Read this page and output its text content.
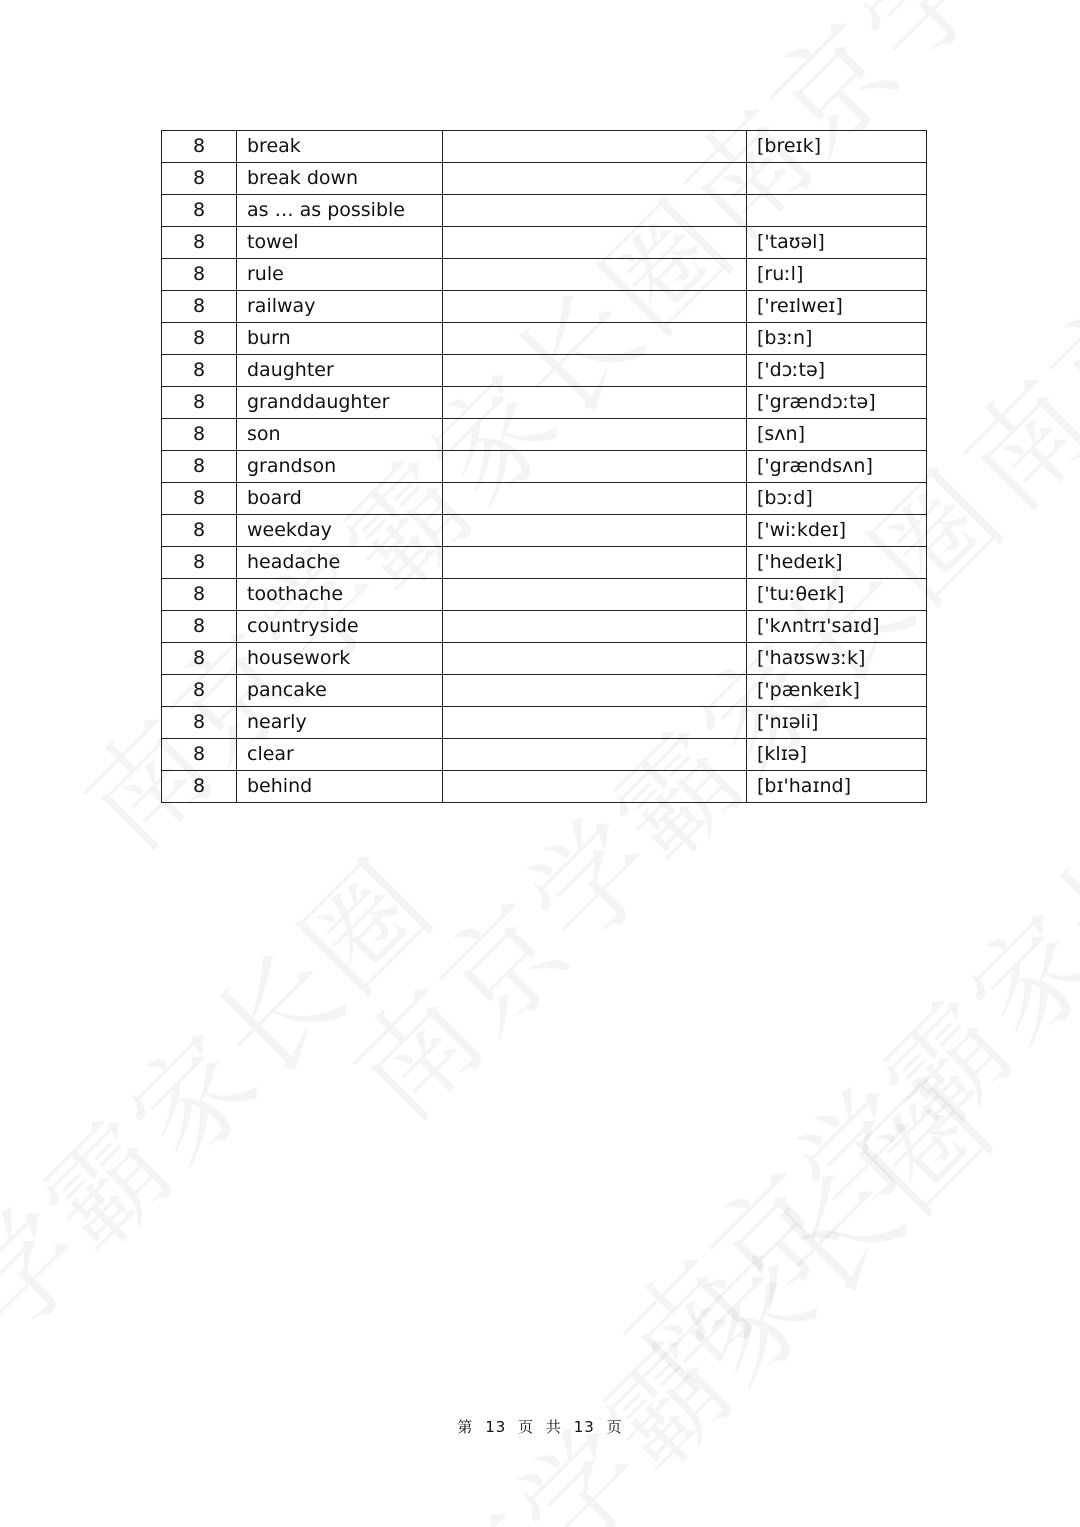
8	break		[breɪk]
8	break down		
8	as … as possible		
8	towel		['taʊəl]
8	rule		[ruːl]
8	railway		['reɪlweɪ]
8	burn		[bɜːn]
8	daughter		['dɔːtə]
8	granddaughter		['grændɔːtə]
8	son		[sʌn]
8	grandson		['grændsʌn]
8	board		[bɔːd]
8	weekday		['wiːkdeɪ]
8	headache		['hedeɪk]
8	toothache		['tuːθeɪk]
8	countryside		['kʌntrɪ'saɪd]
8	housework		['haʊswɜːk]
8	pancake		['pænkeɪk]
8	nearly		['nɪəli]
8	clear		[klɪə]
8	behind		[bɪ'haɪnd]
第 13 页 共 13 页
